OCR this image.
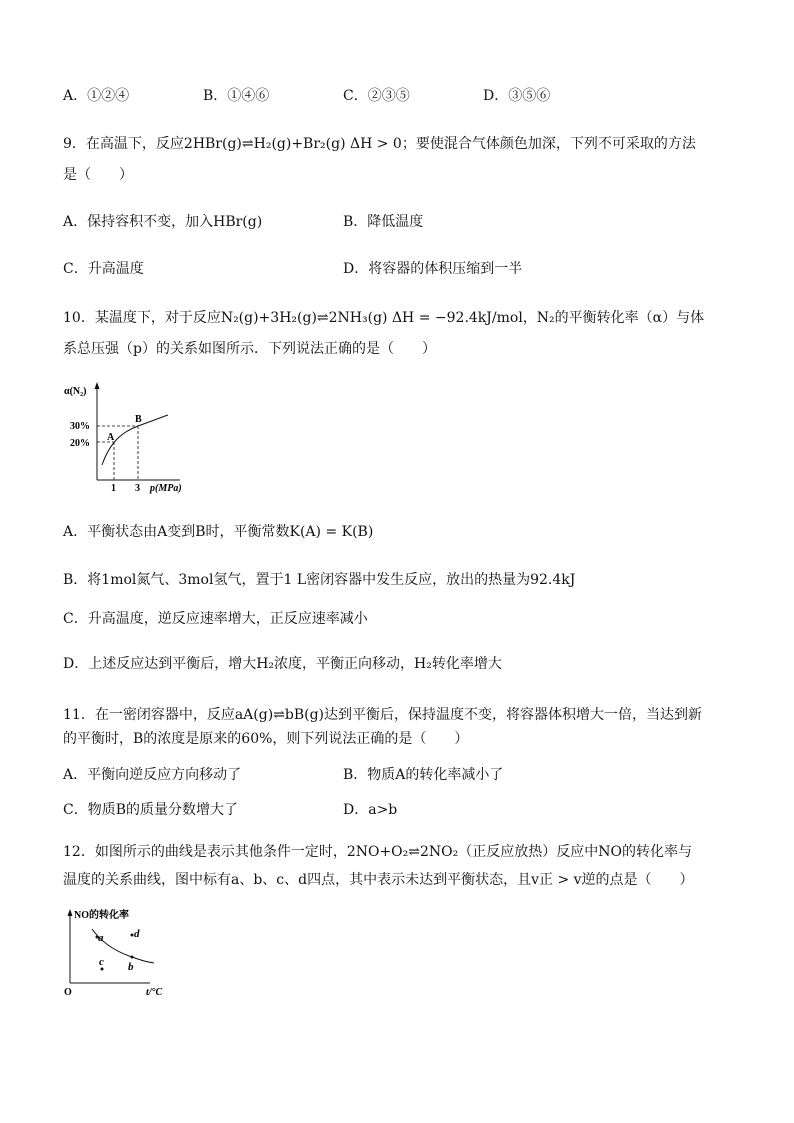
A．①②④	B．①④⑥	C．②③⑤	D．③⑤⑥
9．在高温下，反应2HBr(g)⇌H₂(g)+Br₂(g) ΔH > 0；要使混合气体颜色加深，下列不可采取的方法
是（　　）
A．保持容积不变，加入HBr(g)	B．降低温度
C．升高温度	D．将容器的体积压缩到一半
10．某温度下，对于反应N₂(g)+3H₂(g)⇌2NH₃(g) ΔH = −92.4kJ/mol，N₂的平衡转化率（α）与体
系总压强（p）的关系如图所示．下列说法正确的是（　　）
α(N₂)
30%
20%
1 3 p(MPa)
A
B
A．平衡状态由A变到B时，平衡常数K(A) = K(B)
B．将1mol氮气、3mol氢气，置于1 L密闭容器中发生反应，放出的热量为92.4kJ
C．升高温度，逆反应速率增大，正反应速率减小
D．上述反应达到平衡后，增大H₂浓度，平衡正向移动，H₂转化率增大
11．在一密闭容器中，反应aA(g)⇌bB(g)达到平衡后，保持温度不变，将容器体积增大一倍，当达到新
的平衡时，B的浓度是原来的60%，则下列说法正确的是（　　）
A．平衡向逆反应方向移动了	B．物质A的转化率减小了
C．物质B的质量分数增大了	D．a>b
12．如图所示的曲线是表示其他条件一定时，2NO+O₂⇌2NO₂（正反应放热）反应中NO的转化率与
温度的关系曲线，图中标有a、b、c、d四点，其中表示未达到平衡状态，且v正 > v逆的点是（　　）
NO的转化率
a
b
c
d
O	t/°C
